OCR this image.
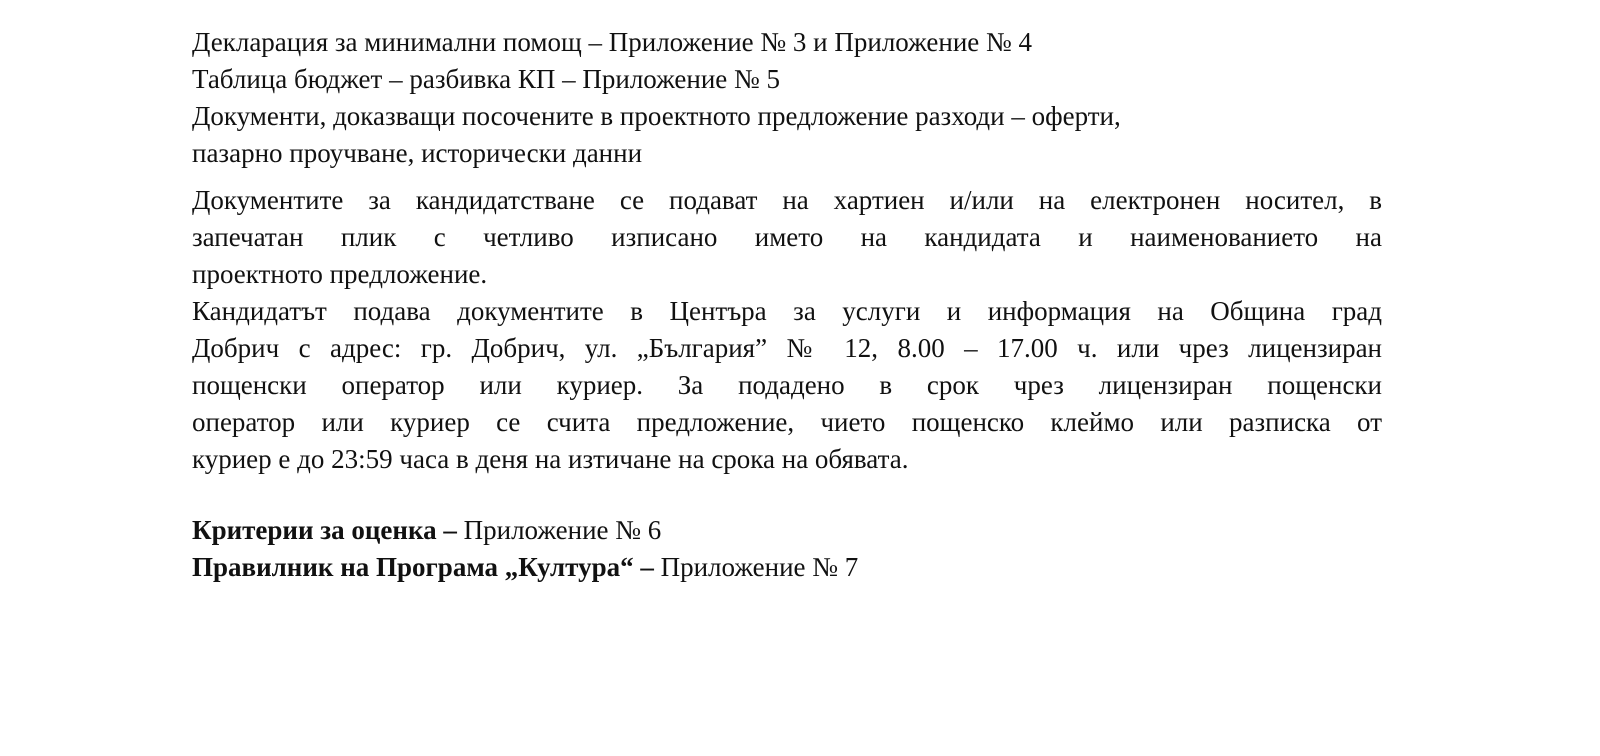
Декларация за минимални помощ – Приложение № 3 и Приложение № 4
Таблица бюджет – разбивка КП – Приложение № 5
Документи, доказващи посочените в проектното предложение разходи – оферти,
пазарно проучване, исторически данни
Документите за кандидатстване се подават на хартиен и/или на електронен носител, в
запечатан плик с четливо изписано името на кандидата и наименованието на
проектното предложение.
Кандидатът подава документите в Центъра за услуги и информация на Община град
Добрич с адрес: гр. Добрич, ул. „България” № 12, 8.00 – 17.00 ч. или чрез лицензиран
пощенски оператор или куриер. За подадено в срок чрез лицензиран пощенски
оператор или куриер се счита предложение, чието пощенско клеймо или разписка от
куриер е до 23:59 часа в деня на изтичане на срока на обявата.
Критерии за оценка – Приложение № 6
Правилник на Програма „Култура“ – Приложение № 7
